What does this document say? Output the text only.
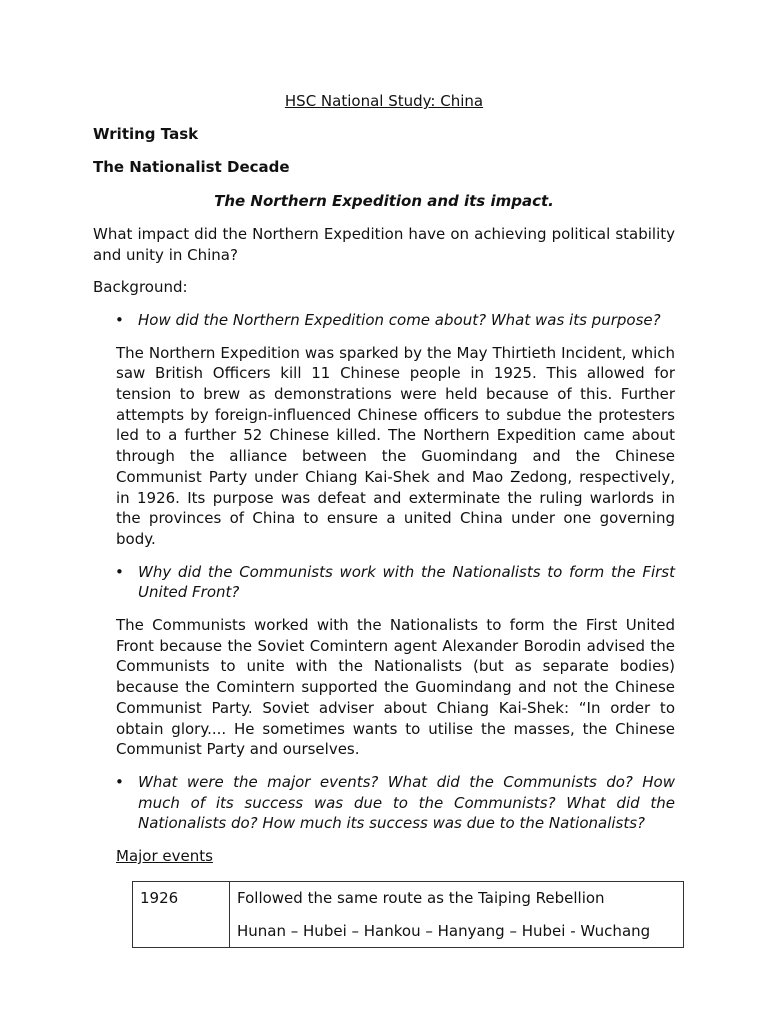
HSC National Study: China
Writing Task
The Nationalist Decade
The Northern Expedition and its impact.
What impact did the Northern Expedition have on achieving political stability and unity in China?
Background:
• How did the Northern Expedition come about? What was its purpose?
The Northern Expedition was sparked by the May Thirtieth Incident, which saw British Officers kill 11 Chinese people in 1925. This allowed for tension to brew as demonstrations were held because of this. Further attempts by foreign-influenced Chinese officers to subdue the protesters led to a further 52 Chinese killed. The Northern Expedition came about through the alliance between the Guomindang and the Chinese Communist Party under Chiang Kai-Shek and Mao Zedong, respectively, in 1926. Its purpose was defeat and exterminate the ruling warlords in the provinces of China to ensure a united China under one governing body.
• Why did the Communists work with the Nationalists to form the First United Front?
The Communists worked with the Nationalists to form the First United Front because the Soviet Comintern agent Alexander Borodin advised the Communists to unite with the Nationalists (but as separate bodies) because the Comintern supported the Guomindang and not the Chinese Communist Party. Soviet adviser about Chiang Kai-Shek: “In order to obtain glory.... He sometimes wants to utilise the masses, the Chinese Communist Party and ourselves.
• What were the major events? What did the Communists do? How much of its success was due to the Communists? What did the Nationalists do? How much its success was due to the Nationalists?
Major events
1926	Followed the same route as the Taiping Rebellion
Hunan – Hubei – Hankou – Hanyang – Hubei - Wuchang
